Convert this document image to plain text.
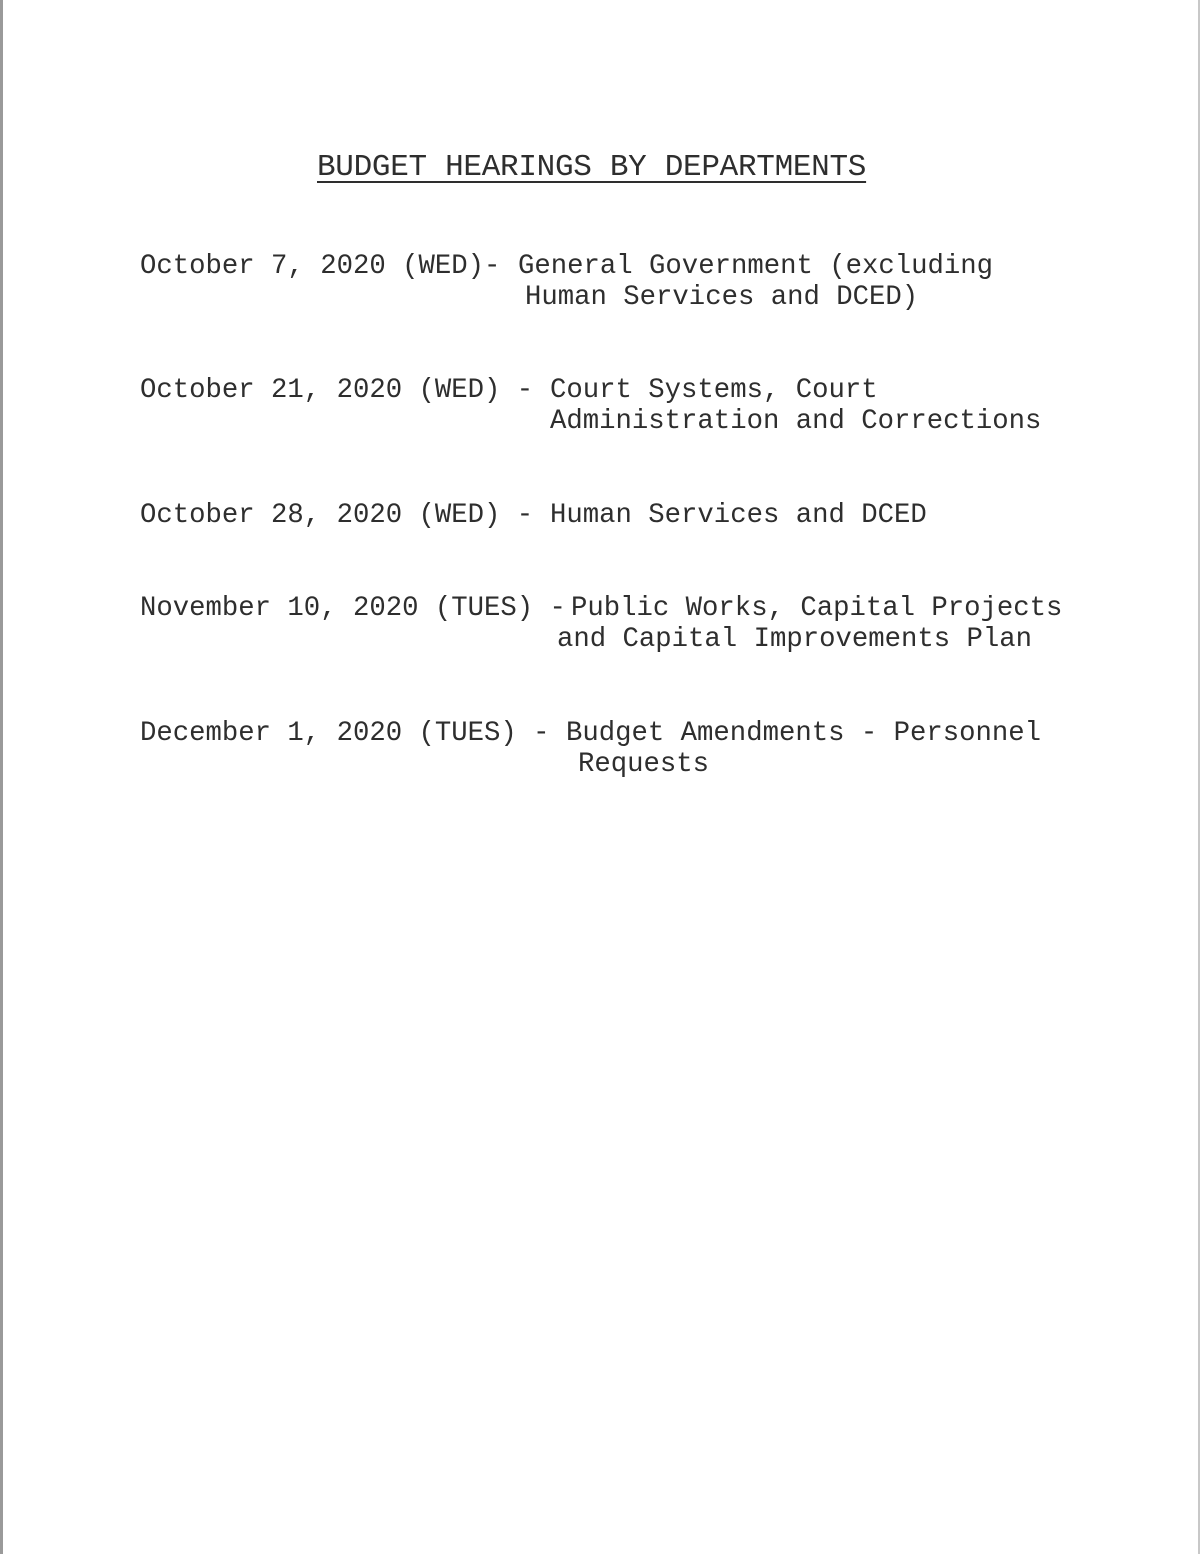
BUDGET HEARINGS BY DEPARTMENTS
October 7, 2020 (WED)- General Government (excluding
Human Services and DCED)
October 21, 2020 (WED) - Court Systems, Court
Administration and Corrections
October 28, 2020 (WED) - Human Services and DCED
November 10, 2020 (TUES) - Public Works, Capital Projects
and Capital Improvements Plan
December 1, 2020 (TUES) - Budget Amendments - Personnel
Requests
